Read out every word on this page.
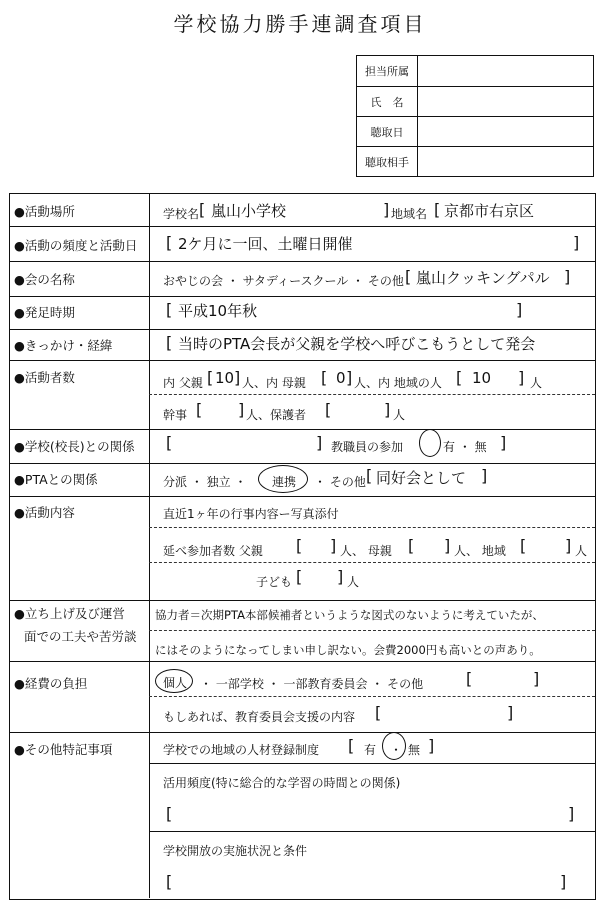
学校協力勝手連調査項目
担当所属
氏　名
聴取日
聴取相手
●活動場所	学校名 [ 嵐山小学校	] 地域名 [ 京都市右京区
●活動の頻度と活動日 [ 2ケ月に一回、土曜日開催	]
●会の名称	おやじの会 ・ サタディースクール ・ その他 [ 嵐山クッキングパル ]
●発足時期	[ 平成10年秋	]
●きっかけ・経緯	[ 当時のPTA会長が父親を学校へ呼びこもうとして発会
●活動者数	内 父親 [ 10 ] 人、内 母親 [ 0 ] 人、内 地域の人 [ 10 ] 人
幹事 [ ] 人、保護者 [	] 人
●学校(校長)との関係 [	] 教職員の参加	有 ・ 無 ]
●PTAとの関係	分派 ・ 独立 ・ 連携 ・ その他 [ 同好会として ]
●活動内容	直近1ヶ年の行事内容ー写真添付
延べ参加者数 父親 [ ] 人、 母親 [ ] 人、 地域 [ ] 人
子ども [ ] 人
●立ち上げ及び運営
面での工夫や苦労談
協力者＝次期PTA本部候補者というような図式のないように考えていたが、
にはそのようになってしまい申し訳ない。会費2000円も高いとの声あり。
●経費の負担	個人 ・ 一部学校 ・ 一部教育委員会 ・ その他	[	]
もしあれば、教育委員会支援の内容 [	]
●その他特記事項	学校での地域の人材登録制度 [ 有 ・ 無 ]
活用頻度(特に総合的な学習の時間との関係)
[	]
学校開放の実施状況と条件
[	]
